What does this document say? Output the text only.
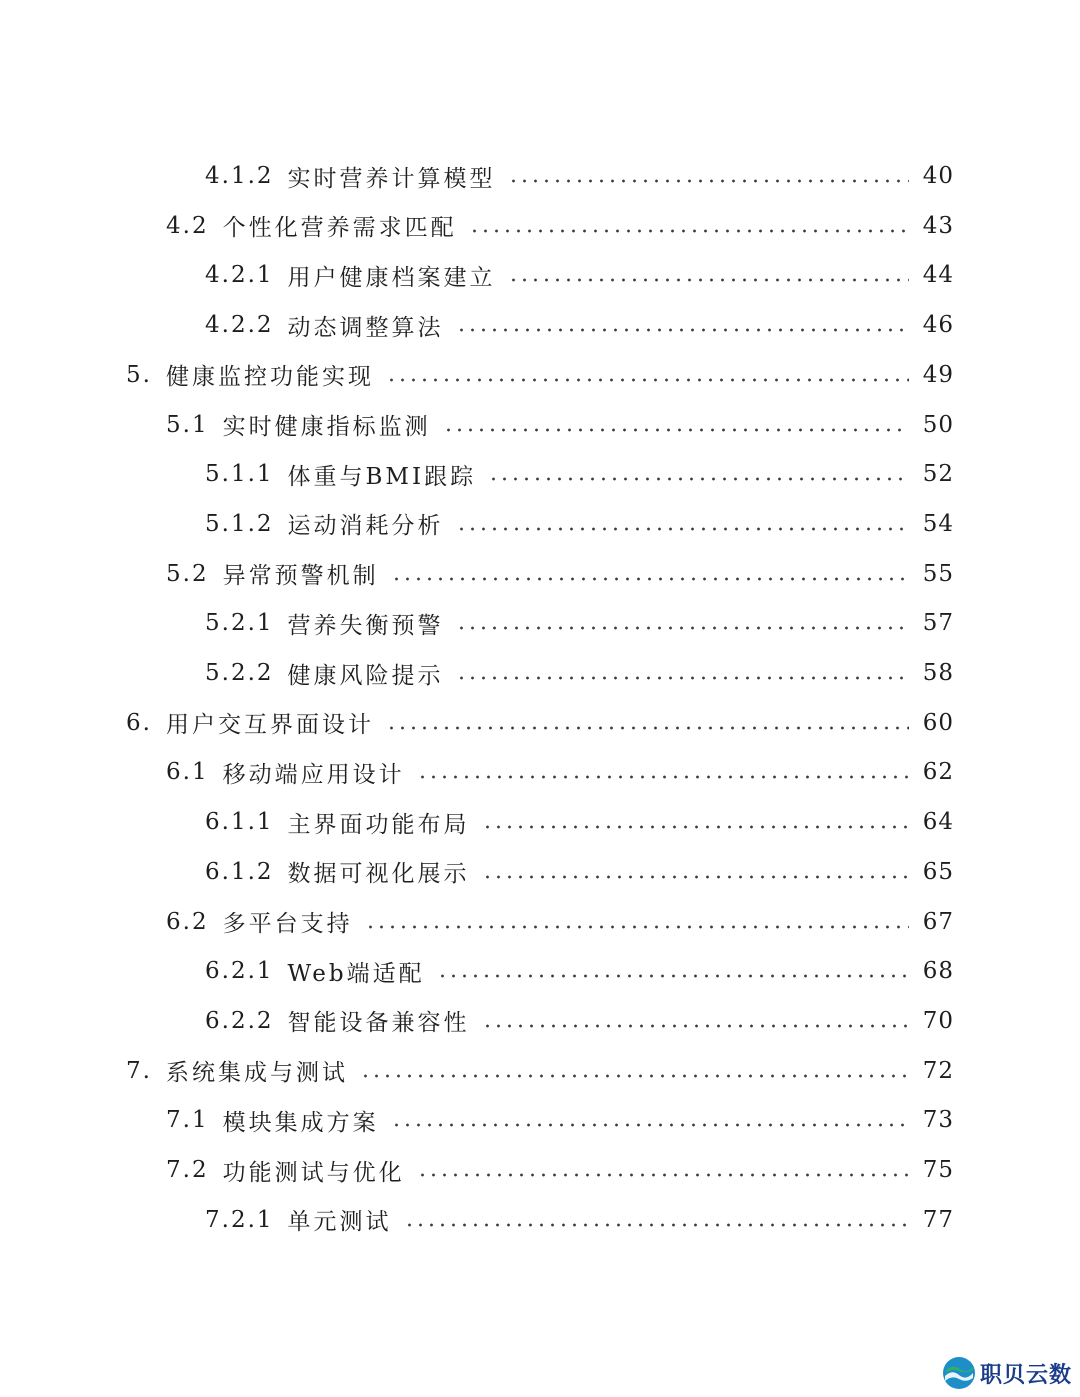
4.1.2 实时营养计算模型	40
4.2 个性化营养需求匹配	43
4.2.1 用户健康档案建立	44
4.2.2 动态调整算法	46
5. 健康监控功能实现	49
5.1 实时健康指标监测	50
5.1.1 体重与BMI跟踪	52
5.1.2 运动消耗分析	54
5.2 异常预警机制	55
5.2.1 营养失衡预警	57
5.2.2 健康风险提示	58
6. 用户交互界面设计	60
6.1 移动端应用设计	62
6.1.1 主界面功能布局	64
6.1.2 数据可视化展示	65
6.2 多平台支持	67
6.2.1 Web端适配	68
6.2.2 智能设备兼容性	70
7. 系统集成与测试	72
7.1 模块集成方案	73
7.2 功能测试与优化	75
7.2.1 单元测试	77
职贝云数
